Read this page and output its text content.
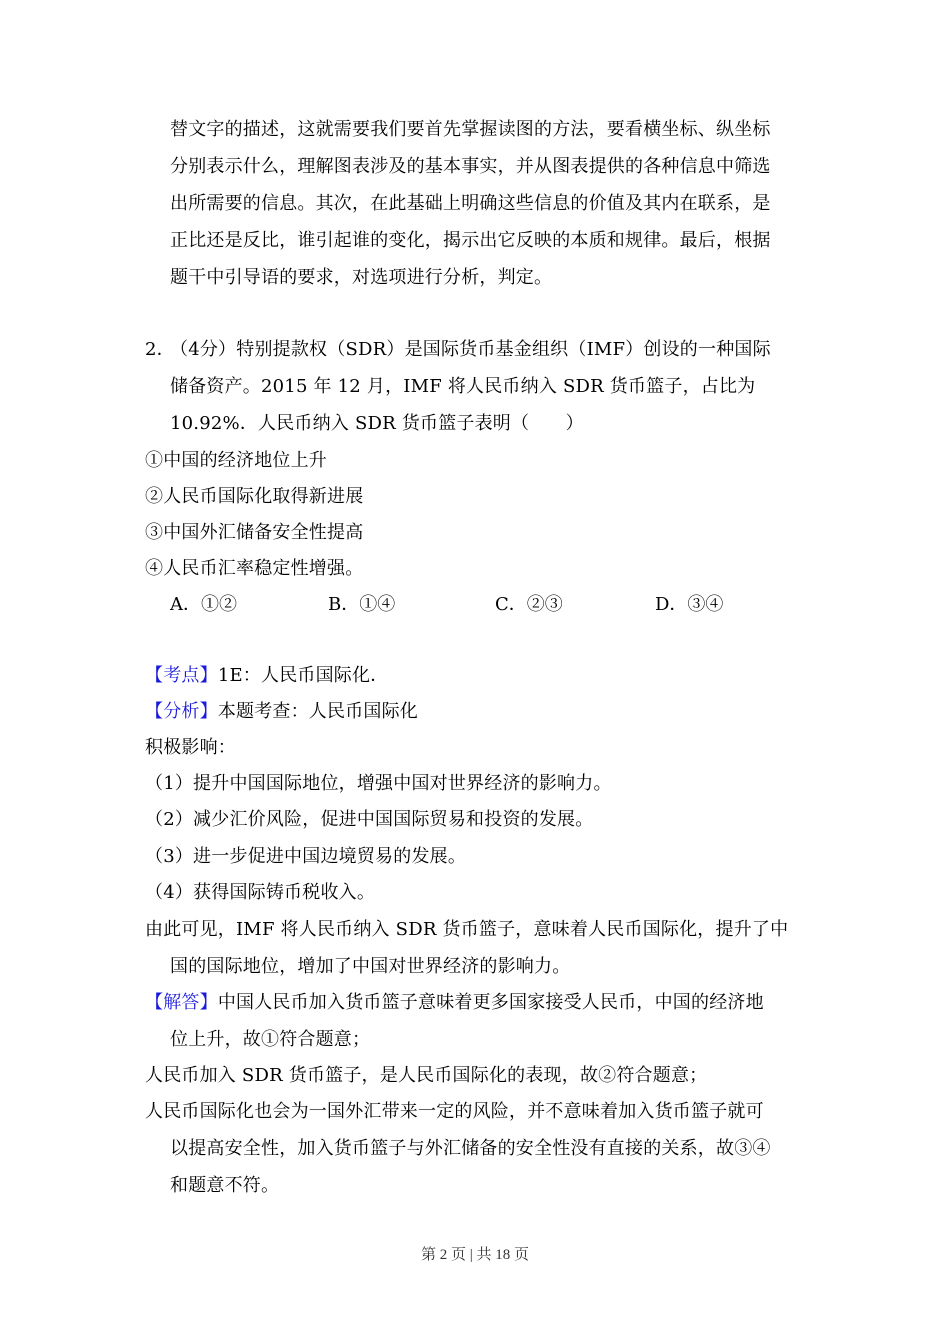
替文字的描述，这就需要我们要首先掌握读图的方法，要看横坐标、纵坐标
分别表示什么，理解图表涉及的基本事实，并从图表提供的各种信息中筛选
出所需要的信息。其次，在此基础上明确这些信息的价值及其内在联系，是
正比还是反比，谁引起谁的变化，揭示出它反映的本质和规律。最后，根据
题干中引导语的要求，对选项进行分析，判定。
2．
（4分）特别提款权（SDR）是国际货币基金组织（IMF）创设的一种国际
储备资产。2015 年 12 月，IMF 将人民币纳入 SDR 货币篮子，占比为
10.92%．人民币纳入 SDR 货币篮子表明（　　）
①中国的经济地位上升
②人民币国际化取得新进展
③中国外汇储备安全性提高
④人民币汇率稳定性增强。
A．①②	B．①④	C．②③	D．③④
【考点】1E：人民币国际化．
【分析】本题考查：人民币国际化
积极影响：
（1）提升中国国际地位，增强中国对世界经济的影响力。
（2）减少汇价风险，促进中国国际贸易和投资的发展。
（3）进一步促进中国边境贸易的发展。
（4）获得国际铸币税收入。
由此可见，IMF 将人民币纳入 SDR 货币篮子，意味着人民币国际化，提升了中
国的国际地位，增加了中国对世界经济的影响力。
【解答】中国人民币加入货币篮子意味着更多国家接受人民币，中国的经济地
位上升，故①符合题意；
人民币加入 SDR 货币篮子，是人民币国际化的表现，故②符合题意；
人民币国际化也会为一国外汇带来一定的风险，并不意味着加入货币篮子就可
以提高安全性，加入货币篮子与外汇储备的安全性没有直接的关系，故③④
和题意不符。
第 2 页 | 共 18 页
